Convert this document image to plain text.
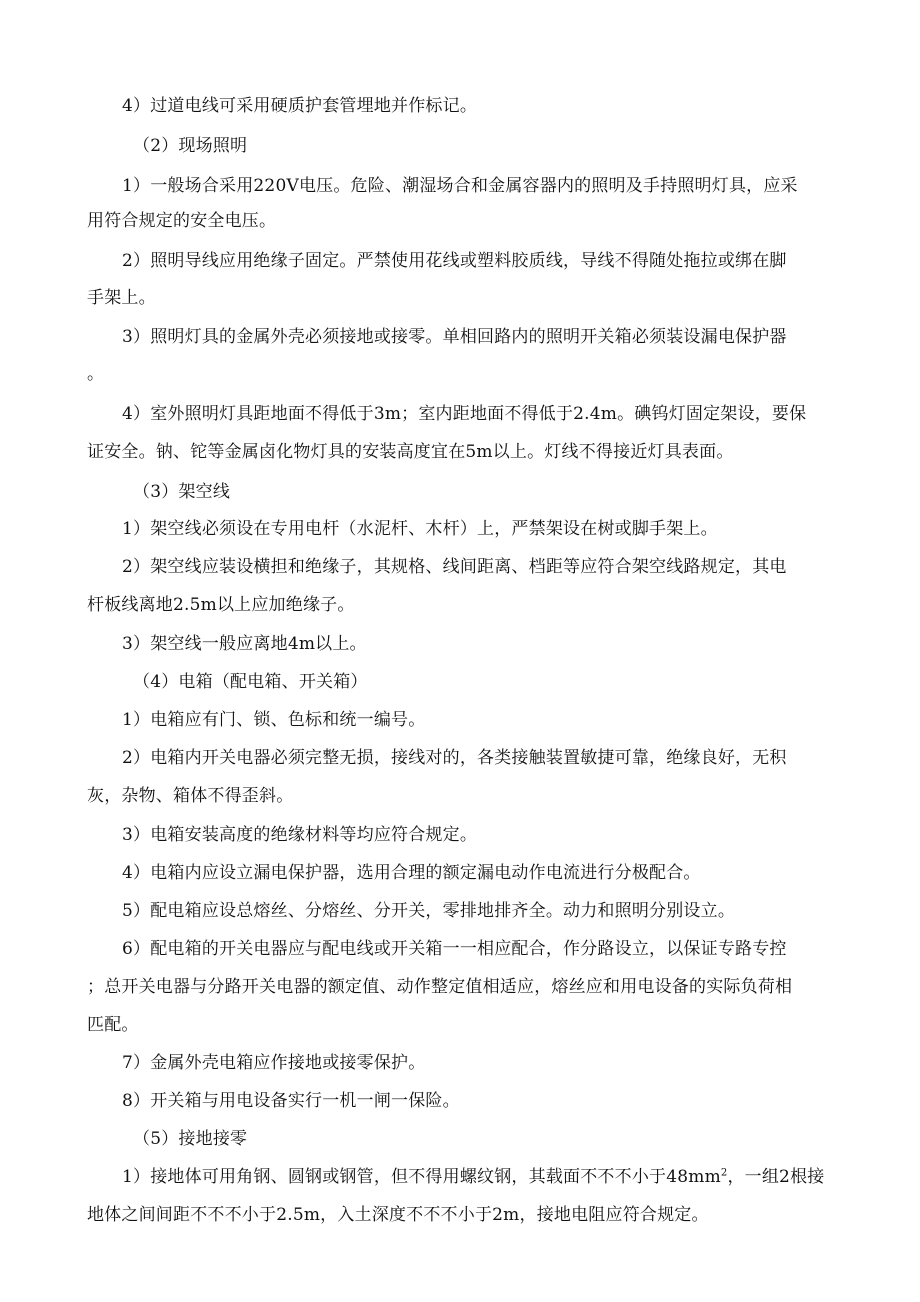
4）过道电线可采用硬质护套管埋地并作标记。
（2）现场照明
1）一般场合采用220V电压。危险、潮湿场合和金属容器内的照明及手持照明灯具，应采
用符合规定的安全电压。
2）照明导线应用绝缘子固定。严禁使用花线或塑料胶质线，导线不得随处拖拉或绑在脚
手架上。
3）照明灯具的金属外壳必须接地或接零。单相回路内的照明开关箱必须装设漏电保护器
。
4）室外照明灯具距地面不得低于3m；室内距地面不得低于2.4m。碘钨灯固定架设，要保
证安全。钠、铊等金属卤化物灯具的安装高度宜在5m以上。灯线不得接近灯具表面。
（3）架空线
1）架空线必须设在专用电杆（水泥杆、木杆）上，严禁架设在树或脚手架上。
2）架空线应装设横担和绝缘子，其规格、线间距离、档距等应符合架空线路规定，其电
杆板线离地2.5m以上应加绝缘子。
3）架空线一般应离地4m以上。
（4）电箱（配电箱、开关箱）
1）电箱应有门、锁、色标和统一编号。
2）电箱内开关电器必须完整无损，接线对的，各类接触装置敏捷可靠，绝缘良好，无积
灰，杂物、箱体不得歪斜。
3）电箱安装高度的绝缘材料等均应符合规定。
4）电箱内应设立漏电保护器，选用合理的额定漏电动作电流进行分极配合。
5）配电箱应设总熔丝、分熔丝、分开关，零排地排齐全。动力和照明分别设立。
6）配电箱的开关电器应与配电线或开关箱一一相应配合，作分路设立，以保证专路专控
；总开关电器与分路开关电器的额定值、动作整定值相适应，熔丝应和用电设备的实际负荷相
匹配。
7）金属外壳电箱应作接地或接零保护。
8）开关箱与用电设备实行一机一闸一保险。
（5）接地接零
1）接地体可用角钢、圆钢或钢管，但不得用螺纹钢，其载面不不不小于$48mm^2$，一组2根接
地体之间间距不不不小于2.5m，入土深度不不不小于2m，接地电阻应符合规定。
